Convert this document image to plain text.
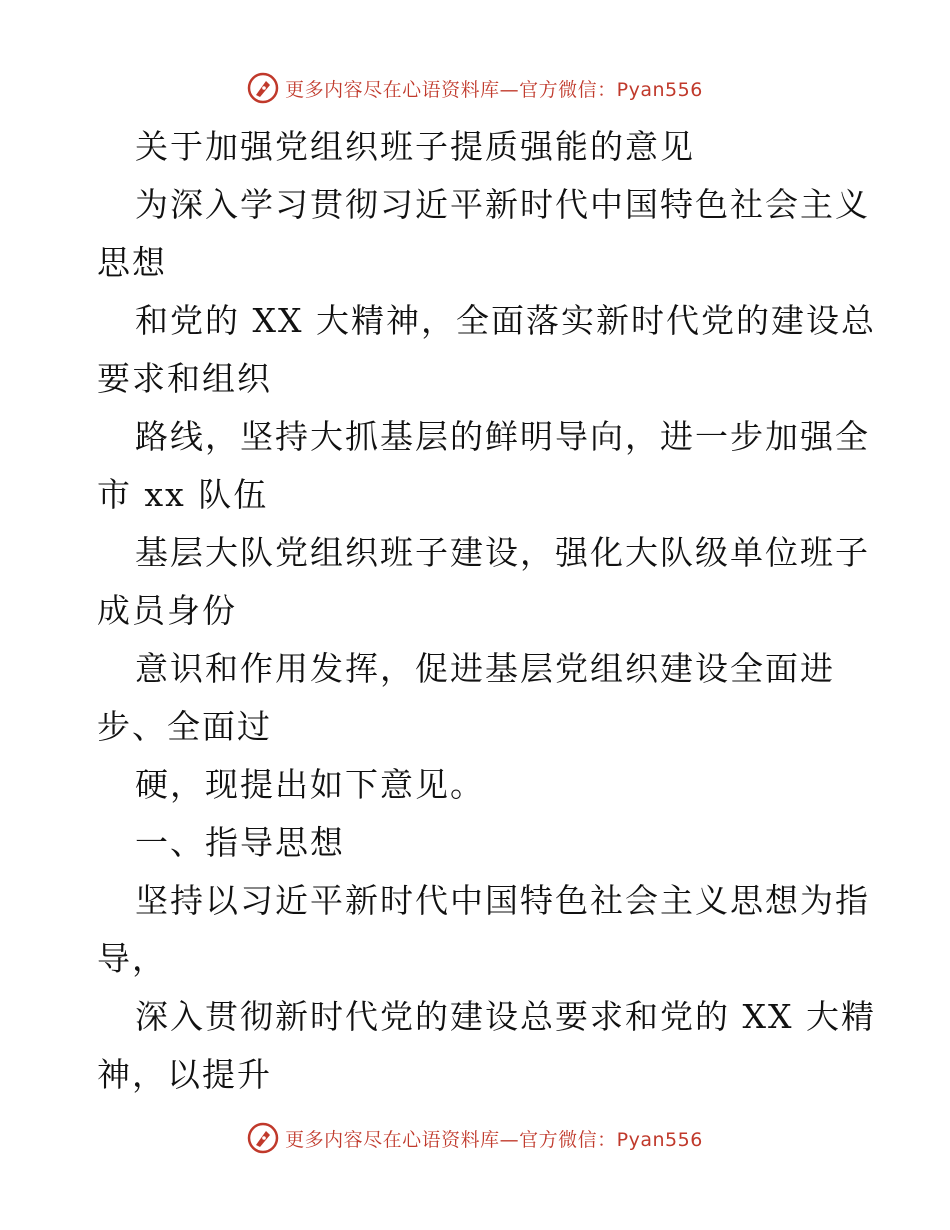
更多内容尽在心语资料库—官方微信：Pyan556
关于加强党组织班子提质强能的意见
为深入学习贯彻习近平新时代中国特色社会主义
思想
和党的 XX 大精神，全面落实新时代党的建设总
要求和组织
路线，坚持大抓基层的鲜明导向，进一步加强全
市 xx 队伍
基层大队党组织班子建设，强化大队级单位班子
成员身份
意识和作用发挥，促进基层党组织建设全面进
步、全面过
硬，现提出如下意见。
一、指导思想
坚持以习近平新时代中国特色社会主义思想为指
导，
深入贯彻新时代党的建设总要求和党的 XX 大精
神，以提升
更多内容尽在心语资料库—官方微信：Pyan556
